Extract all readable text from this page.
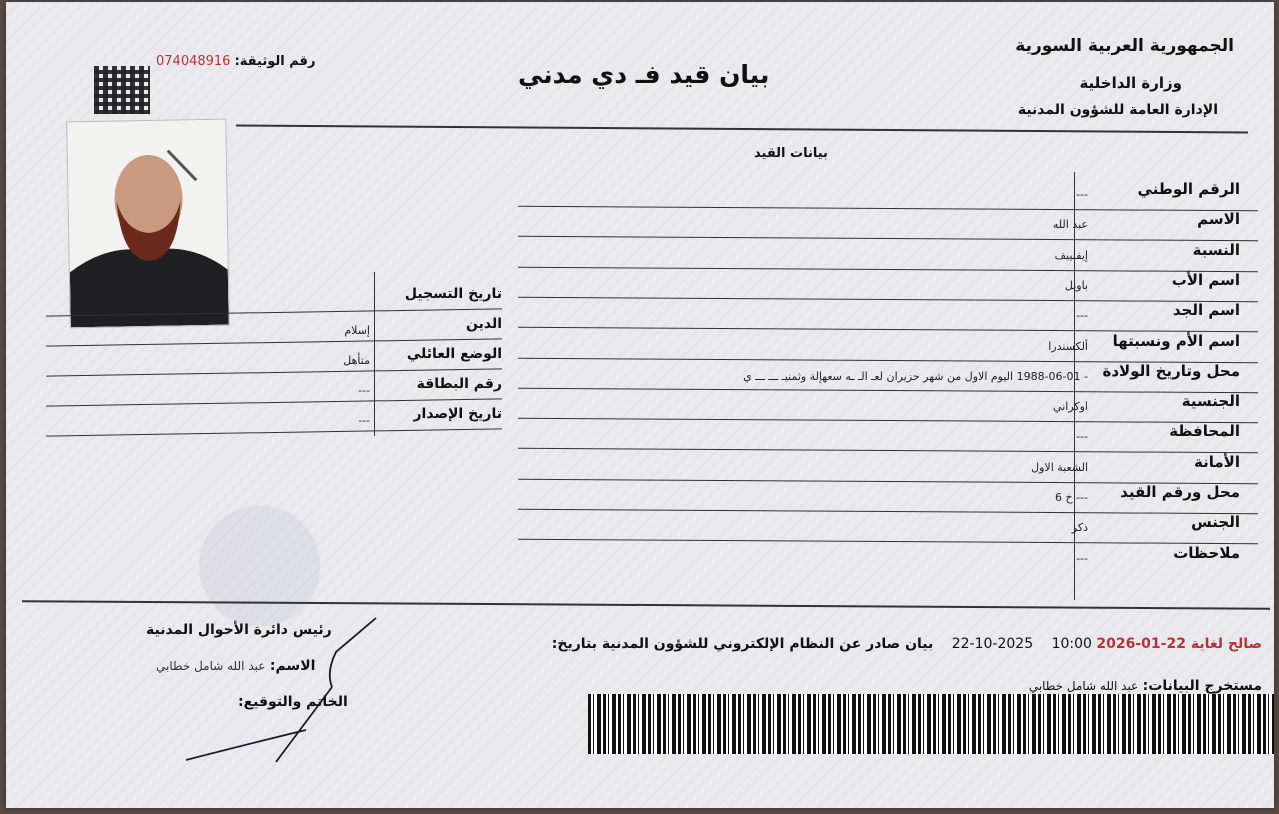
الجمهورية العربية السورية
وزارة الداخلية
الإدارة العامة للشؤون المدنية
بيان قيد فـ دي مدني
074048916 رقم الوثيقة:
بيانات القيد
الرقم الوطني
---
الاسم
عبد الله
النسبة
إيفلييف
اسم الأب
باويل
اسم الجد
---
اسم الأم ونسبتها
ألكسندرا
محل وتاريخ الولادة
- 1988-06-01 اليوم الاول من شهر حزيران لعـ الـ ـه سعهإلة وثمنيـ ـــ ـــ ي
الجنسية
اوكراني
المحافظة
---
الأمانة
الشعبة الاول
محل ورقم القيد
--- خ 6
الجنس
ذكر
ملاحظات
---
تاريخ التسجيل
الدين
إسلام
الوضع العائلي
متأهل
رقم البطاقة
---
تاريخ الإصدار
---
صالح لغاية 22-01-2026 10:00 2025-10-22 بيان صادر عن النظام الإلكتروني للشؤون المدنية بتاريخ:
مستخرج البيانات: عبد الله شامل خطابي
رئيس دائرة الأحوال المدنية
الاسم: عبد الله شامل خطابي
الخاتم والتوقيع:
